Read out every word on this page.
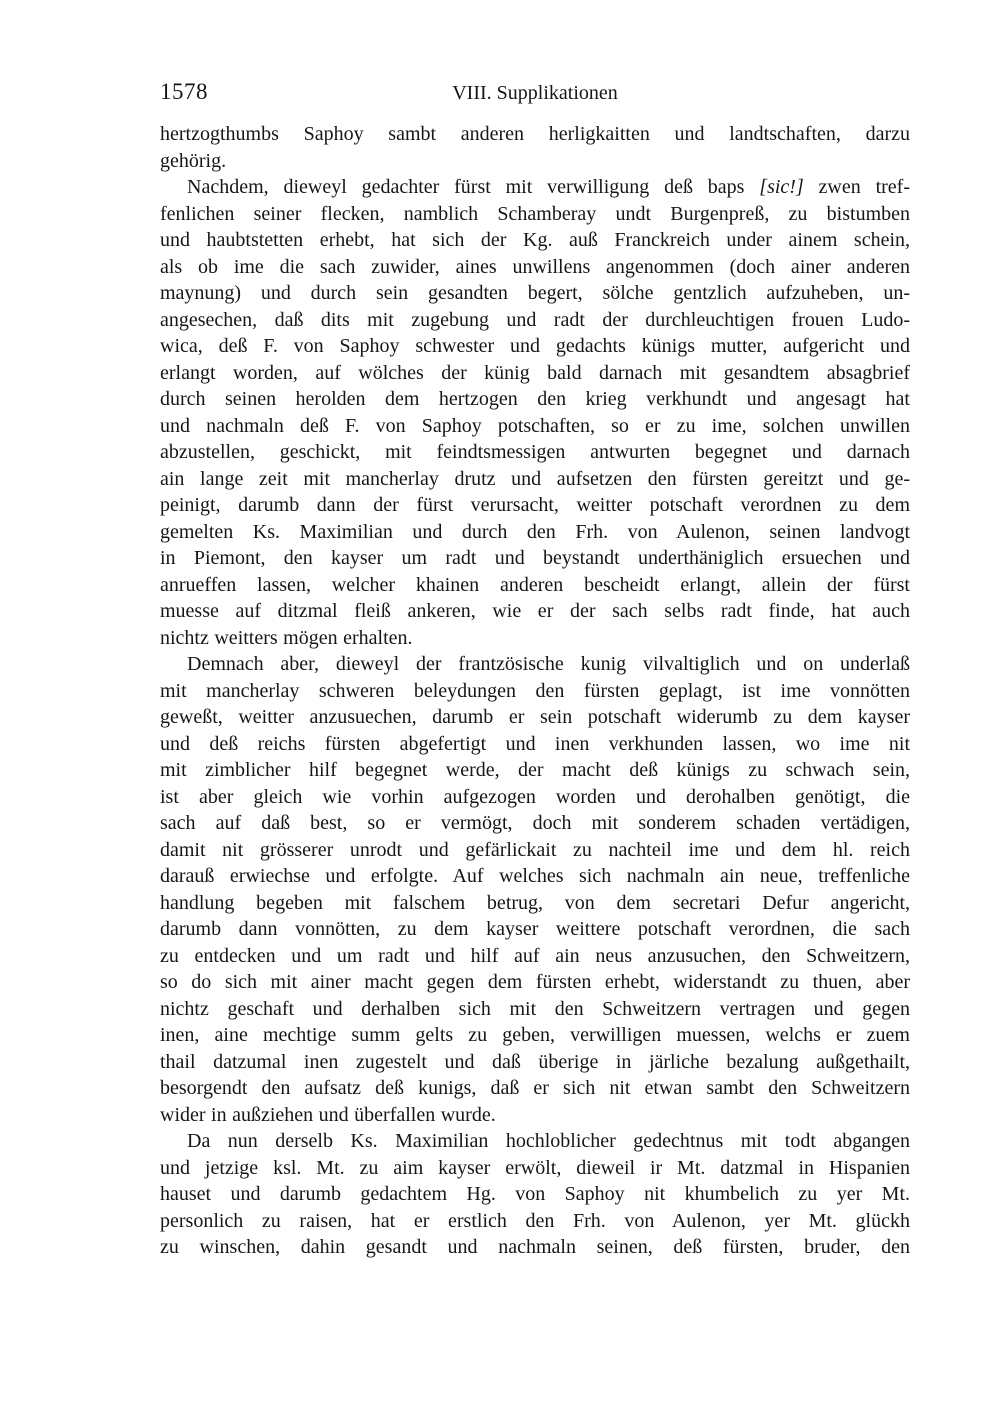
1578	VIII. Supplikationen
hertzogthumbs Saphoy sambt anderen herligkaitten und landtschaften, darzu
gehörig.
Nachdem, dieweyl gedachter fürst mit verwilligung deß baps [sic!] zwen tref-
fenlichen seiner flecken, namblich Schamberay undt Burgenpreß, zu bistumben
und haubtstetten erhebt, hat sich der Kg. auß Franckreich under ainem schein,
als ob ime die sach zuwider, aines unwillens angenommen (doch ainer anderen
maynung) und durch sein gesandten begert, sölche gentzlich aufzuheben, un-
angesechen, daß dits mit zugebung und radt der durchleuchtigen frouen Ludo-
wica, deß F. von Saphoy schwester und gedachts künigs mutter, aufgericht und
erlangt worden, auf wölches der künig bald darnach mit gesandtem absagbrief
durch seinen herolden dem hertzogen den krieg verkhundt und angesagt hat
und nachmaln deß F. von Saphoy potschaften, so er zu ime, solchen unwillen
abzustellen, geschickt, mit feindtsmessigen antwurten begegnet und darnach
ain lange zeit mit mancherlay drutz und aufsetzen den fürsten gereitzt und ge-
peinigt, darumb dann der fürst verursacht, weitter potschaft verordnen zu dem
gemelten Ks. Maximilian und durch den Frh. von Aulenon, seinen landvogt
in Piemont, den kayser um radt und beystandt underthäniglich ersuechen und
anrueffen lassen, welcher khainen anderen bescheidt erlangt, allein der fürst
muesse auf ditzmal fleiß ankeren, wie er der sach selbs radt finde, hat auch
nichtz weitters mögen erhalten.
Demnach aber, dieweyl der frantzösische kunig vilvaltiglich und on underlaß
mit mancherlay schweren beleydungen den fürsten geplagt, ist ime vonnötten
geweßt, weitter anzusuechen, darumb er sein potschaft widerumb zu dem kayser
und deß reichs fürsten abgefertigt und inen verkhunden lassen, wo ime nit
mit zimblicher hilf begegnet werde, der macht deß künigs zu schwach sein,
ist aber gleich wie vorhin aufgezogen worden und derohalben genötigt, die
sach auf daß best, so er vermögt, doch mit sonderem schaden vertädigen,
damit nit grösserer unrodt und gefärlickait zu nachteil ime und dem hl. reich
darauß erwiechse und erfolgte. Auf welches sich nachmaln ain neue, treffenliche
handlung begeben mit falschem betrug, von dem secretari Defur angericht,
darumb dann vonnötten, zu dem kayser weittere potschaft verordnen, die sach
zu entdecken und um radt und hilf auf ain neus anzusuchen, den Schweitzern,
so do sich mit ainer macht gegen dem fürsten erhebt, widerstandt zu thuen, aber
nichtz geschaft und derhalben sich mit den Schweitzern vertragen und gegen
inen, aine mechtige summ gelts zu geben, verwilligen muessen, welchs er zuem
thail datzumal inen zugestelt und daß überige in järliche bezalung außgethailt,
besorgendt den aufsatz deß kunigs, daß er sich nit etwan sambt den Schweitzern
wider in außziehen und überfallen wurde.
Da nun derselb Ks. Maximilian hochloblicher gedechtnus mit todt abgangen
und jetzige ksl. Mt. zu aim kayser erwölt, dieweil ir Mt. datzmal in Hispanien
hauset und darumb gedachtem Hg. von Saphoy nit khumbelich zu yer Mt.
personlich zu raisen, hat er erstlich den Frh. von Aulenon, yer Mt. glückh
zu winschen, dahin gesandt und nachmaln seinen, deß fürsten, bruder, den
